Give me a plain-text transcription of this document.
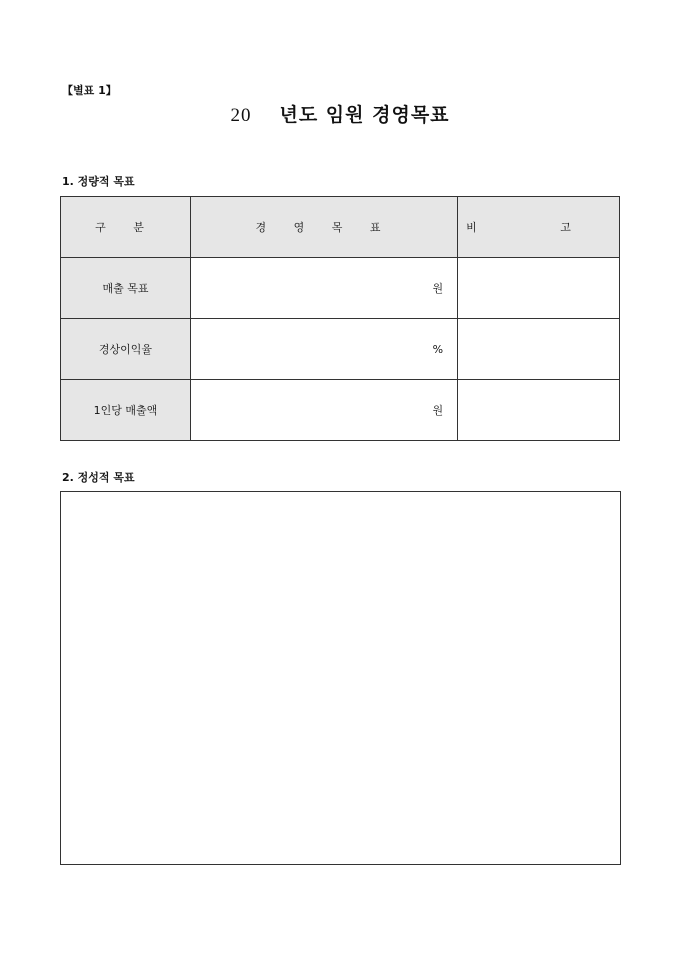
【별표 1】
20 년도 임원 경영목표
1. 정량적 목표
구 분	경 영 목 표	비 고
매출 목표	원	
경상이익율	%	
1인당 매출액	원	
2. 정성적 목표
